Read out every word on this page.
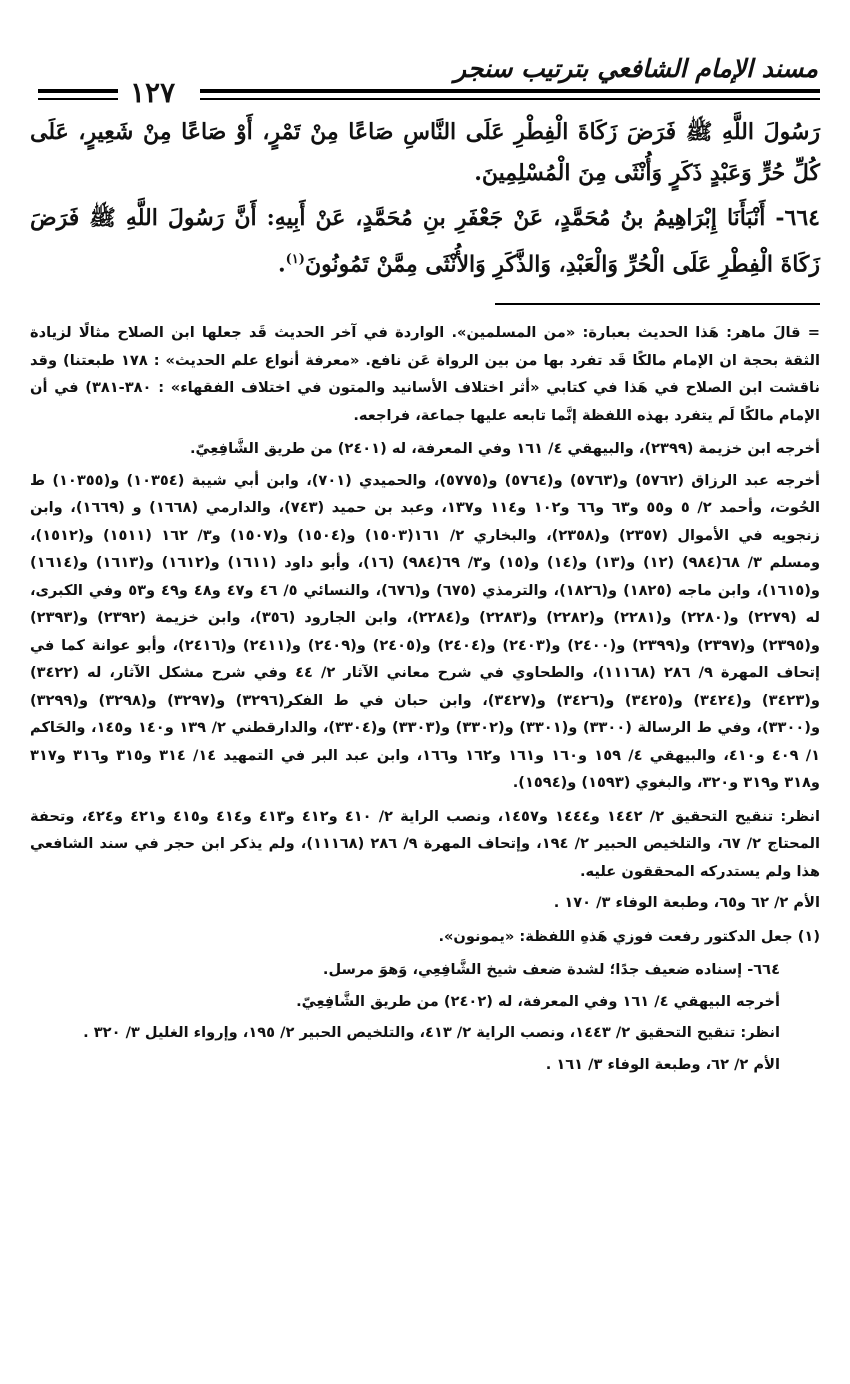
مسند الإمام الشافعي بترتيب سنجر
١٢٧

رَسُولَ اللَّهِ ﷺ فَرَضَ زَكَاةَ الْفِطْرِ عَلَى النَّاسِ صَاعًا مِنْ تَمْرٍ، أَوْ صَاعًا مِنْ شَعِيرٍ، عَلَى كُلِّ حُرٍّ وَعَبْدٍ ذَكَرٍ وَأُنْثَى مِنَ الْمُسْلِمِينَ.

٦٦٤- أَنْبَأَنَا إِبْرَاهِيمُ بنُ مُحَمَّدٍ، عَنْ جَعْفَرِ بنِ مُحَمَّدٍ، عَنْ أَبِيهِ: أَنَّ رَسُولَ اللَّهِ ﷺ فَرَضَ زَكَاةَ الْفِطْرِ عَلَى الْحُرِّ وَالْعَبْدِ، وَالذَّكَرِ وَالأُنْثَى مِمَّنْ تَمُونُونَ$^{(١)}$.

= قالَ ماهر: هَذا الحديث بعبارة: «من المسلمين». الواردة في آخر الحديث قَد جعلها ابن الصلاح مثالًا لزيادة الثقة بحجة ان الإمام مالكًا قَد تفرد بها من بين الرواة عَن نافع. «معرفة أنواع علم الحديث» : ١٧٨ طبعتنا) وقد ناقشت ابن الصلاح في هَذا في كتابي «أثر اختلاف الأسانيد والمتون في اختلاف الفقهاء» : ٣٨٠-٣٨١) في أن الإمام مالكًا لَم يتفرد بهذه اللفظة إنَّما تابعه عليها جماعة، فراجعه.

أخرجه ابن خزيمة (٢٣٩٩)، والبيهقي ٤/ ١٦١ وفي المعرفة، له (٢٤٠١) من طريق الشَّافِعِيّ.

أخرجه عبد الرزاق (٥٧٦٢) و(٥٧٦٣) و(٥٧٦٤) و(٥٧٧٥)، والحميدي (٧٠١)، وابن أبي شيبة (١٠٣٥٤) و(١٠٣٥٥) ط الحُوت، وأحمد ٢/ ٥ و٥٥ و٦٣ و٦٦ و١٠٢ و١١٤ و١٣٧، وعبد بن حميد (٧٤٣)، والدارمي (١٦٦٨) و (١٦٦٩)، وابن زنجويه في الأموال (٢٣٥٧) و(٢٣٥٨)، والبخاري ٢/ ١٦١(١٥٠٣) و(١٥٠٤) و(١٥٠٧) و٣/ ١٦٢ (١٥١١) و(١٥١٢)، ومسلم ٣/ ٦٨(٩٨٤) (١٢) و(١٣) و(١٤) و(١٥) و٣/ ٦٩(٩٨٤) (١٦)، وأبو داود (١٦١١) و(١٦١٢) و(١٦١٣) و(١٦١٤) و(١٦١٥)، وابن ماجه (١٨٢٥) و(١٨٢٦)، والترمذي (٦٧٥) و(٦٧٦)، والنسائي ٥/ ٤٦ و٤٧ و٤٨ و٤٩ و٥٣ وفي الكبرى، له (٢٢٧٩) و(٢٢٨٠) و(٢٢٨١) و(٢٢٨٢) و(٢٢٨٣) و(٢٢٨٤)، وابن الجارود (٣٥٦)، وابن خزيمة (٢٣٩٢) و(٢٣٩٣) و(٢٣٩٥) و(٢٣٩٧) و(٢٣٩٩) و(٢٤٠٠) و(٢٤٠٣) و(٢٤٠٤) و(٢٤٠٥) و(٢٤٠٩) و(٢٤١١) و(٢٤١٦)، وأبو عوانة كما في إتحاف المهرة ٩/ ٢٨٦ (١١١٦٨)، والطحاوي في شرح معاني الآثار ٢/ ٤٤ وفي شرح مشكل الآثار، له (٣٤٢٢) و(٣٤٢٣) و(٣٤٢٤) و(٣٤٢٥) و(٣٤٢٦) و(٣٤٢٧)، وابن حبان في ط الفكر(٣٢٩٦) و(٣٢٩٧) و(٣٢٩٨) و(٣٢٩٩) و(٣٣٠٠)، وفي ط الرسالة (٣٣٠٠) و(٣٣٠١) و(٣٣٠٢) و(٣٣٠٣) و(٣٣٠٤)، والدارقطني ٢/ ١٣٩ و١٤٠ و١٤٥، والحَاكم ١/ ٤٠٩ و٤١٠، والبيهقي ٤/ ١٥٩ و١٦٠ و١٦١ و١٦٢ و١٦٦، وابن عبد البر في التمهيد ١٤/ ٣١٤ و٣١٥ و٣١٦ و٣١٧ و٣١٨ و٣١٩ و٣٢٠، والبغوي (١٥٩٣) و(١٥٩٤).

انظر: تنقيح التحقيق ٢/ ١٤٤٢ و١٤٤٤ و١٤٥٧، ونصب الراية ٢/ ٤١٠ و٤١٢ و٤١٣ و٤١٤ و٤١٥ و٤٢١ و٤٢٤، وتحفة المحتاج ٢/ ٦٧، والتلخيص الحبير ٢/ ١٩٤، وإتحاف المهرة ٩/ ٢٨٦ (١١١٦٨)، ولم يذكر ابن حجر في سند الشافعي هذا ولم يستدركه المحققون عليه.

الأم ٢/ ٦٢ و٦٥، وطبعة الوفاء ٣/ ١٧٠ .

(١) جعل الدكتور رفعت فوزي هَذهِ اللفظة: «يمونون».

٦٦٤- إسناده ضعيف جدًا؛ لشدة ضعف شيخ الشَّافِعِي، وَهوَ مرسل.

أخرجه البيهقي ٤/ ١٦١ وفي المعرفة، له (٢٤٠٢) من طريق الشَّافِعِيّ.

انظر: تنقيح التحقيق ٢/ ١٤٤٣، ونصب الراية ٢/ ٤١٣، والتلخيص الحبير ٢/ ١٩٥، وإرواء الغليل ٣/ ٣٢٠ .

الأم ٢/ ٦٢، وطبعة الوفاء ٣/ ١٦١ .
